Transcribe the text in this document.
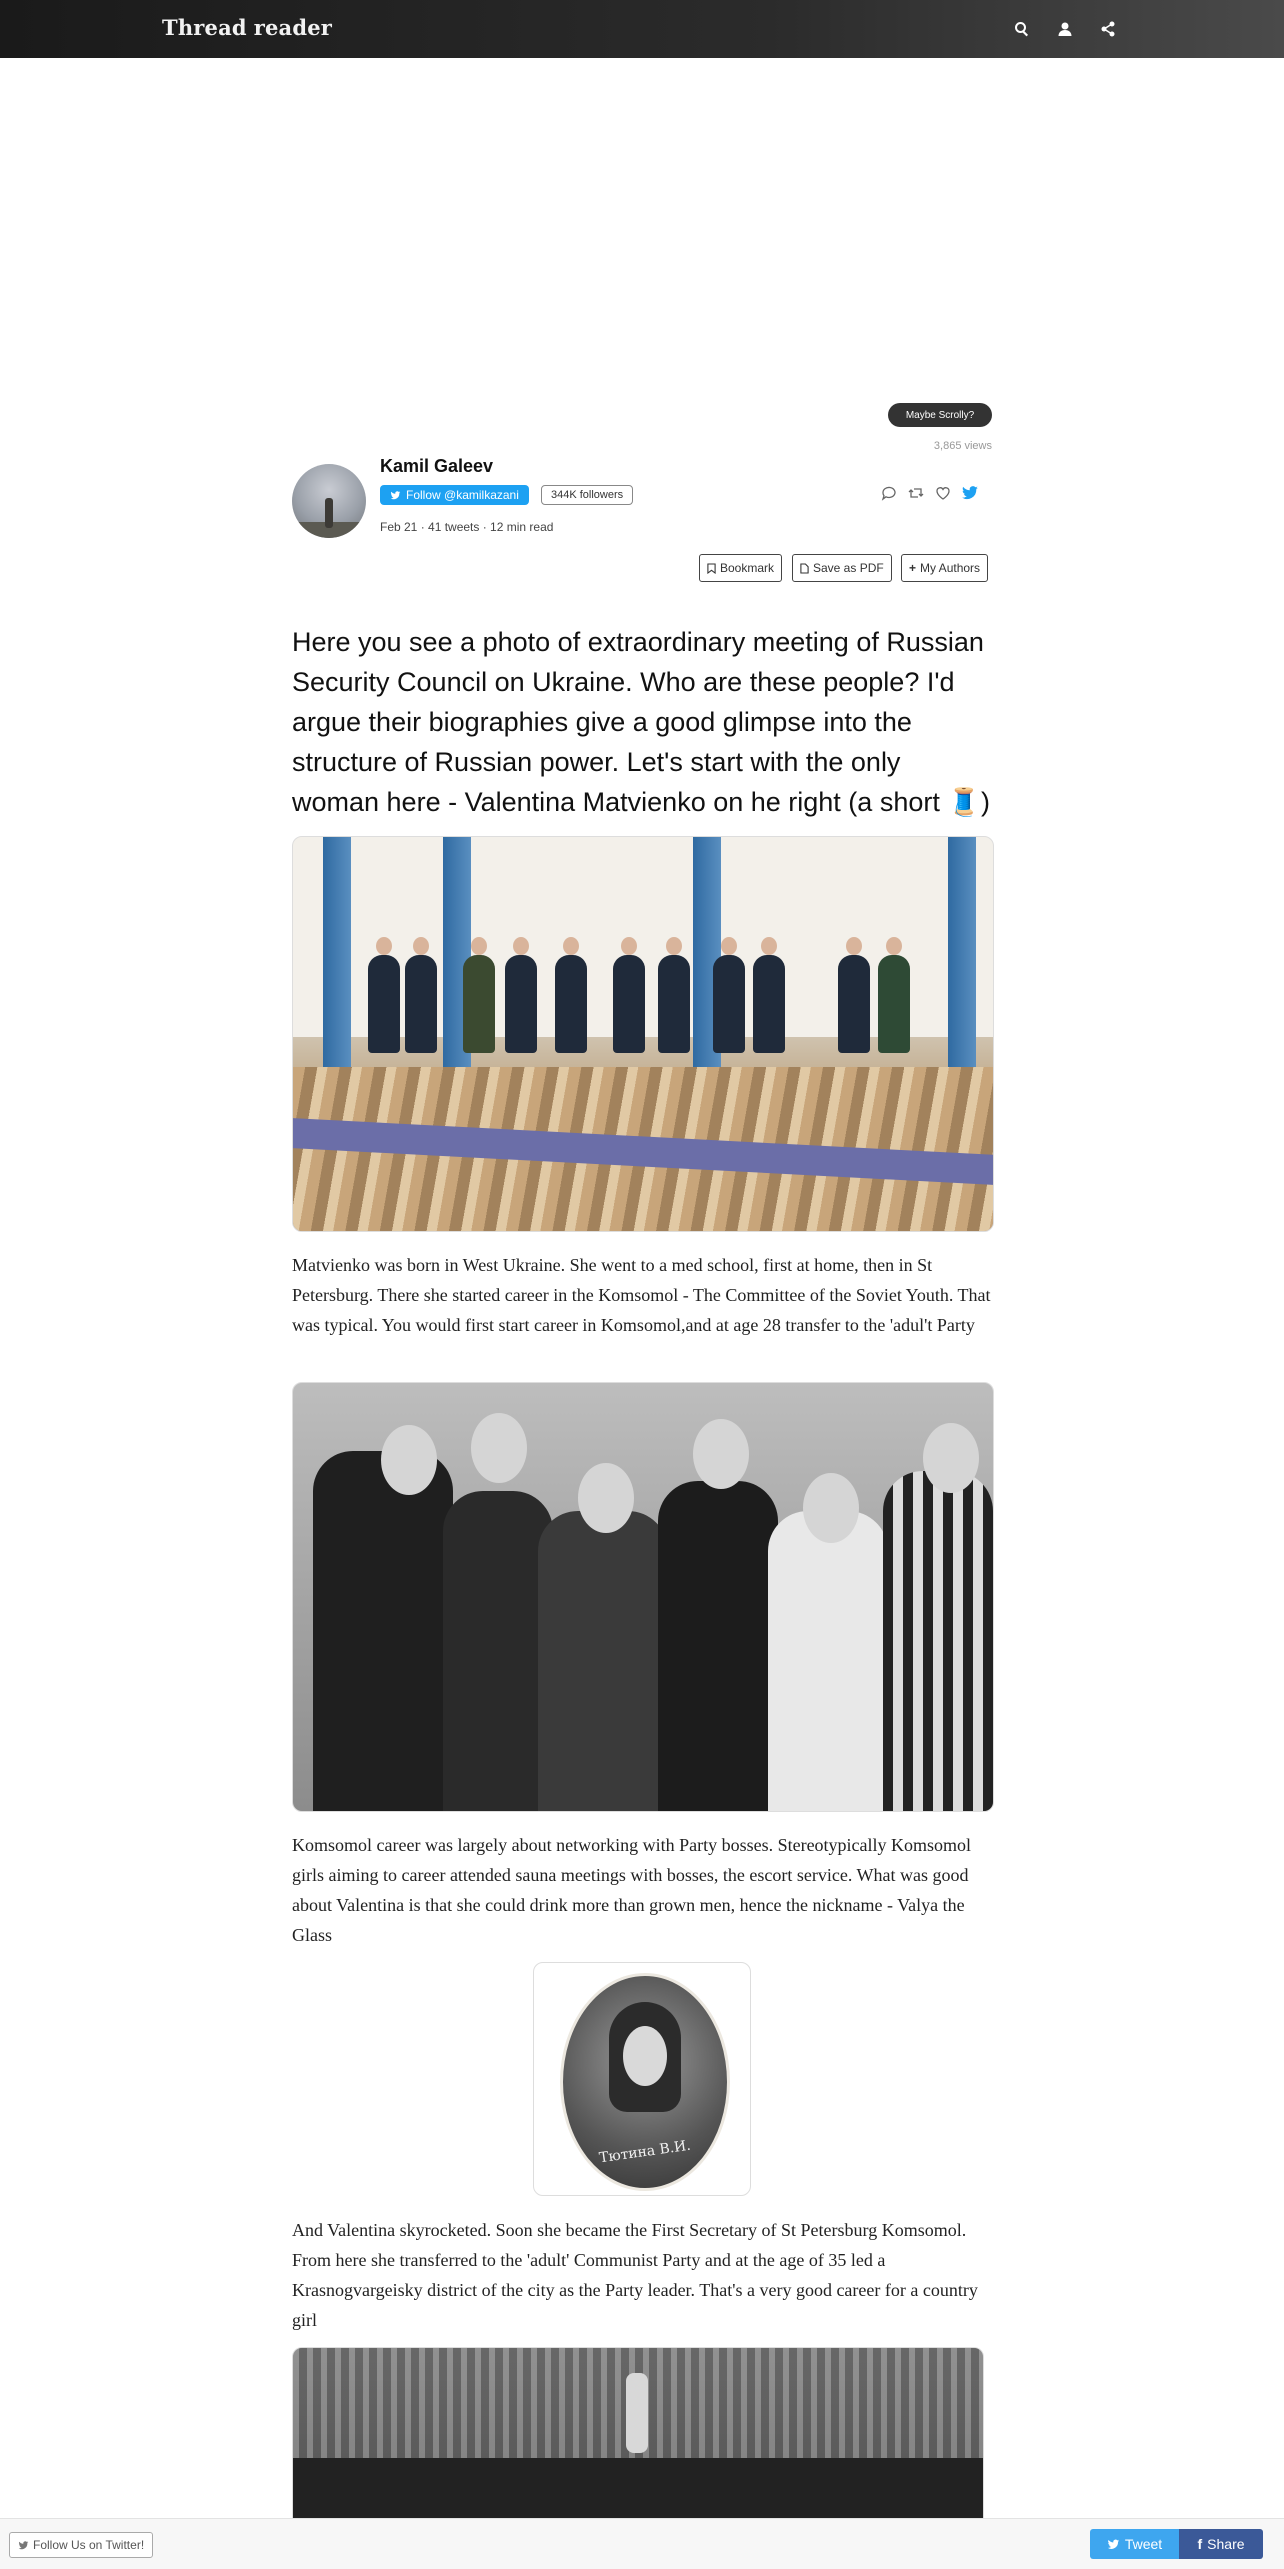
Thread reader
Maybe Scrolly?
3,865 views
Kamil Galeev
Follow @kamilkazani	344K followers
Feb 21 · 41 tweets · 12 min read
Bookmark	Save as PDF + My Authors
Here you see a photo of extraordinary meeting of Russian Security Council on Ukraine. Who are these people? I'd argue their biographies give a good glimpse into the structure of Russian power. Let's start with the only woman here - Valentina Matvienko on he right (a short 🧵)
Matvienko was born in West Ukraine. She went to a med school, first at home, then in St Petersburg. There she started career in the Komsomol - The Committee of the Soviet Youth. That was typical. You would first start career in Komsomol,and at age 28 transfer to the 'adul't Party
Komsomol career was largely about networking with Party bosses. Stereotypically Komsomol girls aiming to career attended sauna meetings with bosses, the escort service. What was good about Valentina is that she could drink more than grown men, hence the nickname - Valya the Glass
Тютина В.И.
And Valentina skyrocketed. Soon she became the First Secretary of St Petersburg Komsomol. From here she transferred to the 'adult' Communist Party and at the age of 35 led a Krasnogvargeisky district of the city as the Party leader. That's a very good career for a country girl
Follow Us on Twitter!	Tweet	f Share
